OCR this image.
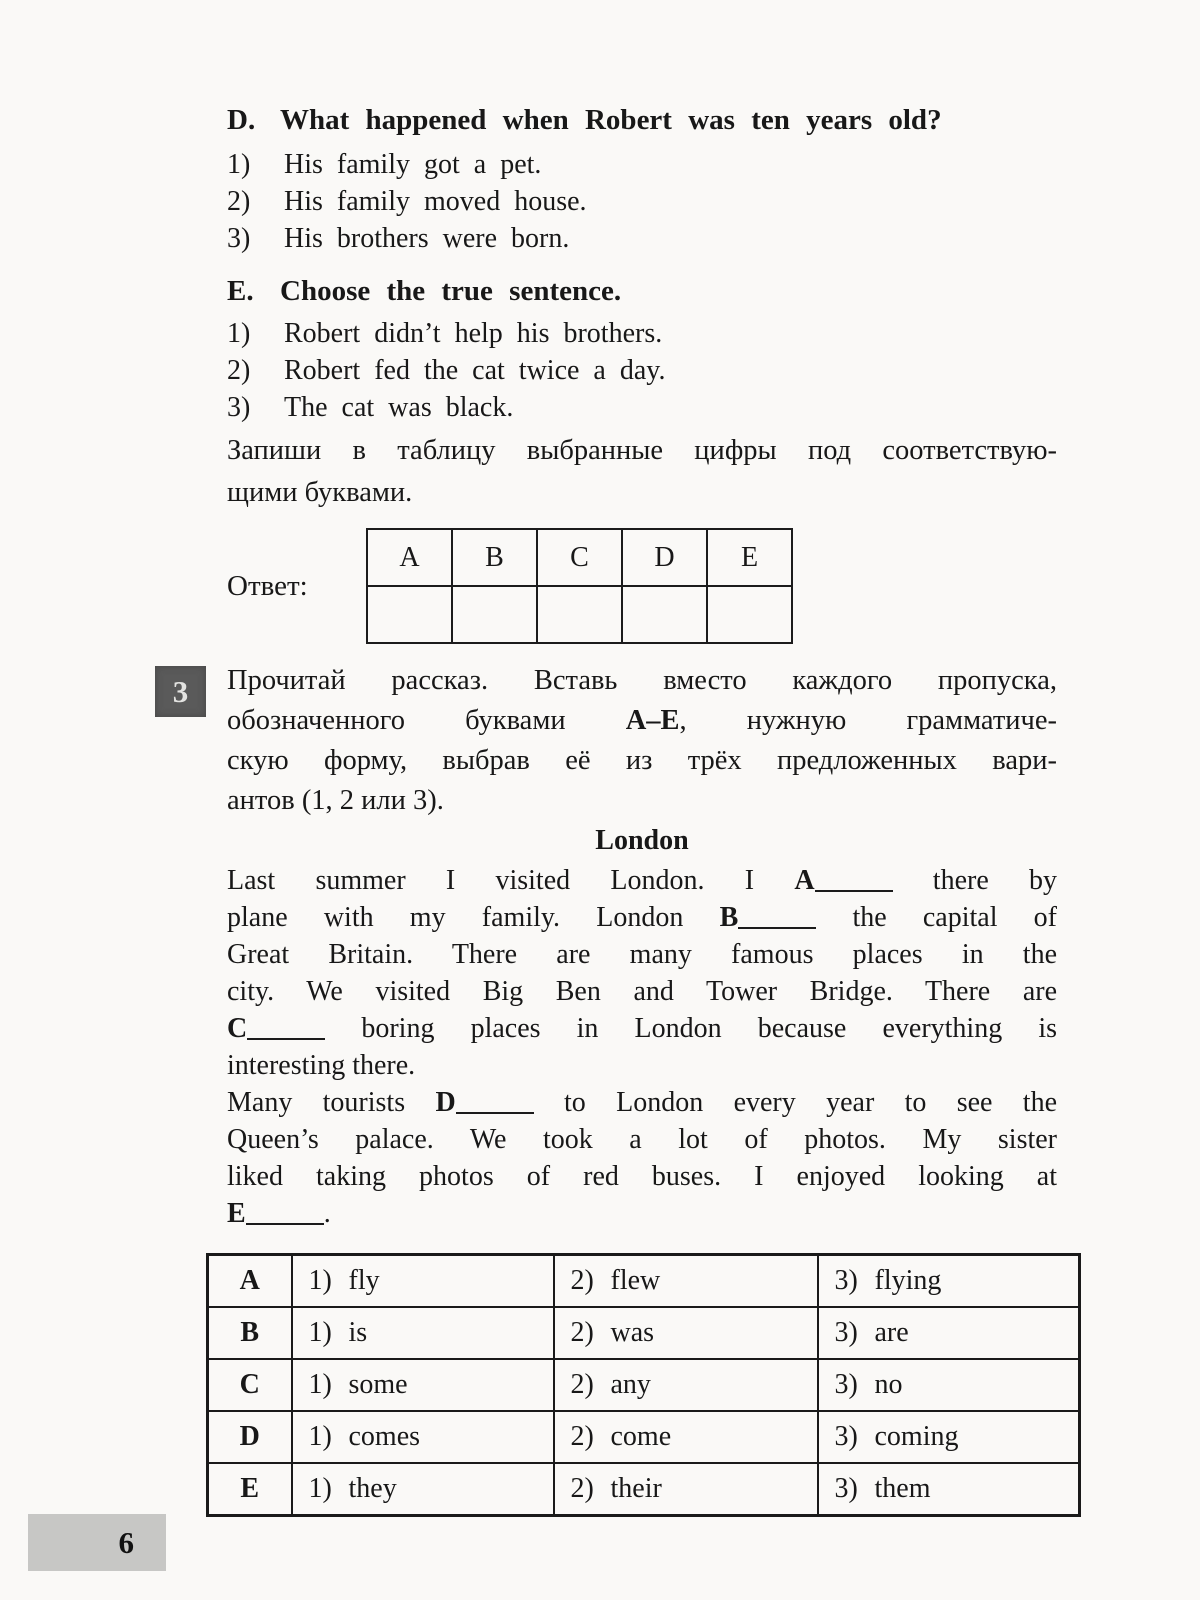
D. What happened when Robert was ten years old?
1)	His family got a pet.
2)	His family moved house.
3)	His brothers were born.
E. Choose the true sentence.
1)	Robert didn’t help his brothers.
2)	Robert fed the cat twice a day.
3)	The cat was black.
Запиши в таблицу выбранные цифры под соответствую-
щими буквами.
Ответ:
A	B	C	D	E

3 Прочитай рассказ. Вставь вместо каждого пропуска,
обозначенного буквами А–Е, нужную грамматиче-
скую форму, выбрав её из трёх предложенных вари-
антов (1, 2 или 3).
London
Last summer I visited London. I A	there by
plane with my family. London B	the capital of
Great Britain. There are many famous places in the
city. We visited Big Ben and Tower Bridge. There are
C	boring places in London because everything is
interesting there.
Many tourists D	to London every year to see the
Queen’s palace. We took a lot of photos. My sister
liked taking photos of red buses. I enjoyed looking at
E	.
A	1) fly	2) flew	3) flying
B	1) is	2) was	3) are
C	1) some	2) any	3) no
D	1) comes	2) come	3) coming
E	1) they	2) their	3) them
6
